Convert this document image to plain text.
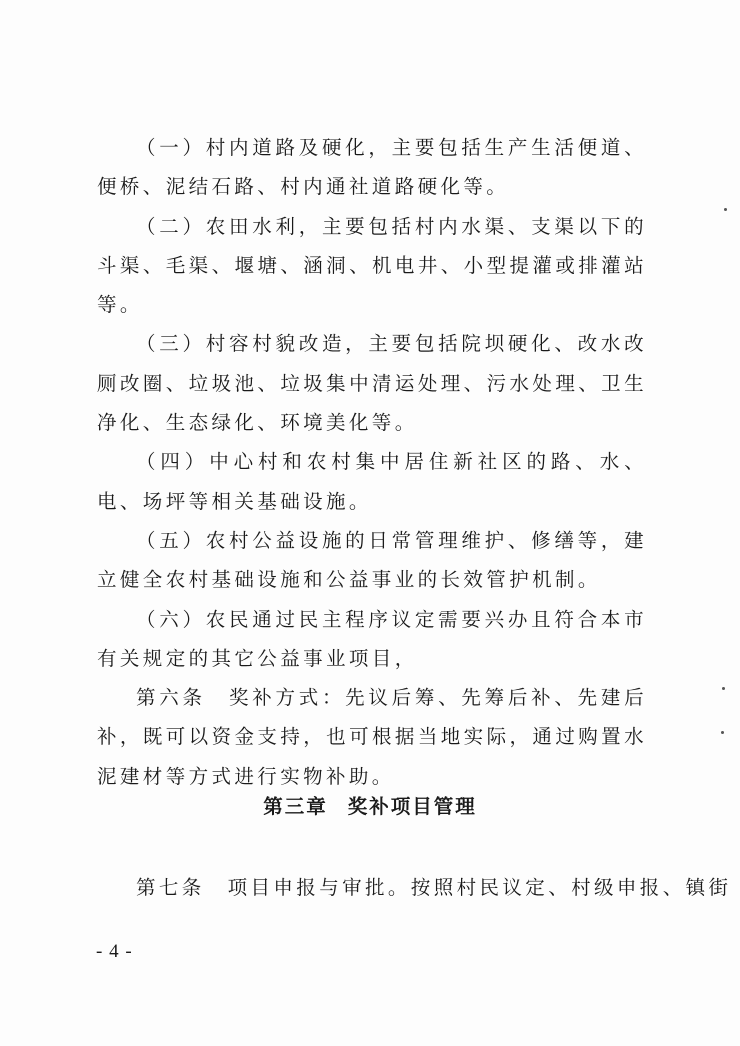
（一）村内道路及硬化，主要包括生产生活便道、便桥、泥结石路、村内通社道路硬化等。

（二）农田水利，主要包括村内水渠、支渠以下的斗渠、毛渠、堰塘、涵洞、机电井、小型提灌或排灌站等。

（三）村容村貌改造，主要包括院坝硬化、改水改厕改圈、垃圾池、垃圾集中清运处理、污水处理、卫生净化、生态绿化、环境美化等。

（四）中心村和农村集中居住新社区的路、水、电、场坪等相关基础设施。

（五）农村公益设施的日常管理维护、修缮等，建立健全农村基础设施和公益事业的长效管护机制。

（六）农民通过民主程序议定需要兴办且符合本市有关规定的其它公益事业项目，

第六条　奖补方式：先议后筹、先筹后补、先建后补，既可以资金支持，也可根据当地实际，通过购置水泥建材等方式进行实物补助。

第三章 奖补项目管理

第七条　项目申报与审批。按照村民议定、村级申报、镇街

- 4 -
